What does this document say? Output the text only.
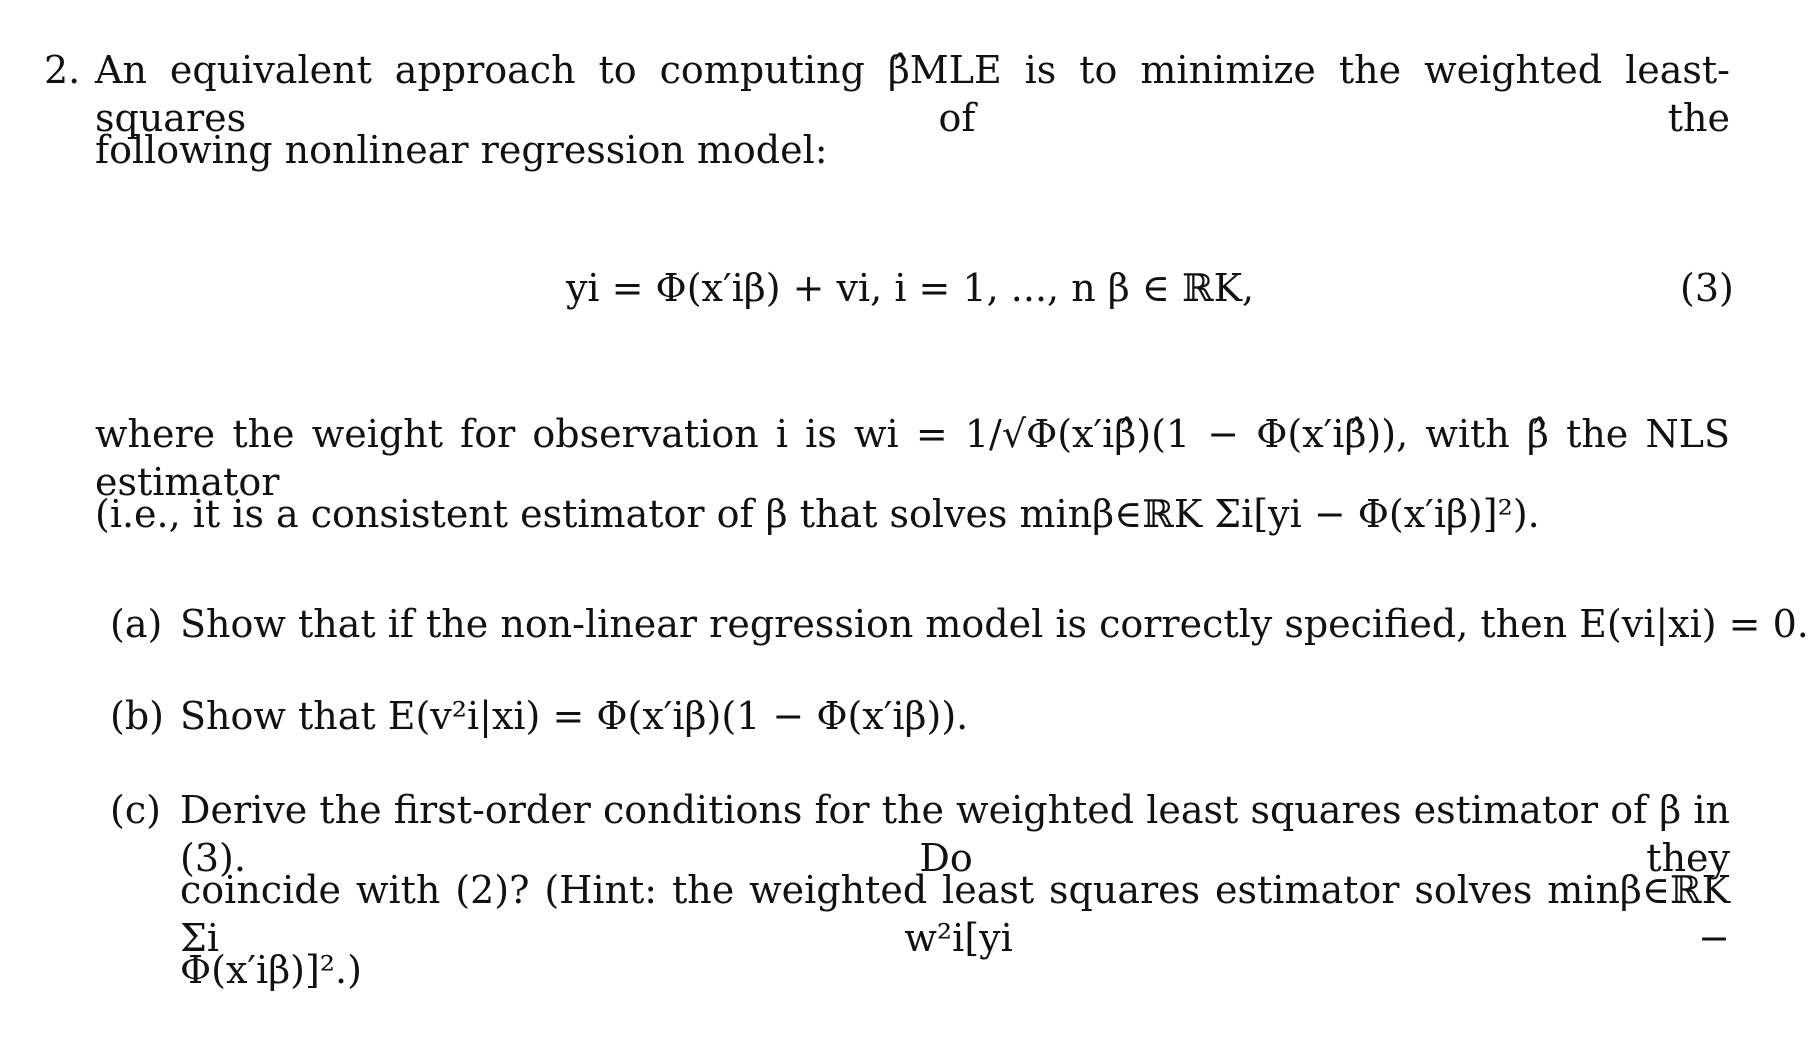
2. An equivalent approach to computing β̂MLE is to minimize the weighted least-squares of the
following nonlinear regression model:
yi = Φ(x′iβ) + vi, i = 1, ..., n β ∈ ℝK,	(3)
where the weight for observation i is wi = 1/√Φ(x′iβ̂)(1 − Φ(x′iβ̂)), with β̂ the NLS estimator
(i.e., it is a consistent estimator of β that solves minβ∈ℝK Σi[yi − Φ(x′iβ)]²).
(a) Show that if the non-linear regression model is correctly specified, then E(vi|xi) = 0.
(b) Show that E(v²i|xi) = Φ(x′iβ)(1 − Φ(x′iβ)).
(c) Derive the first-order conditions for the weighted least squares estimator of β in (3). Do they
coincide with (2)? (Hint: the weighted least squares estimator solves minβ∈ℝK Σi w²i[yi −
Φ(x′iβ)]².)
